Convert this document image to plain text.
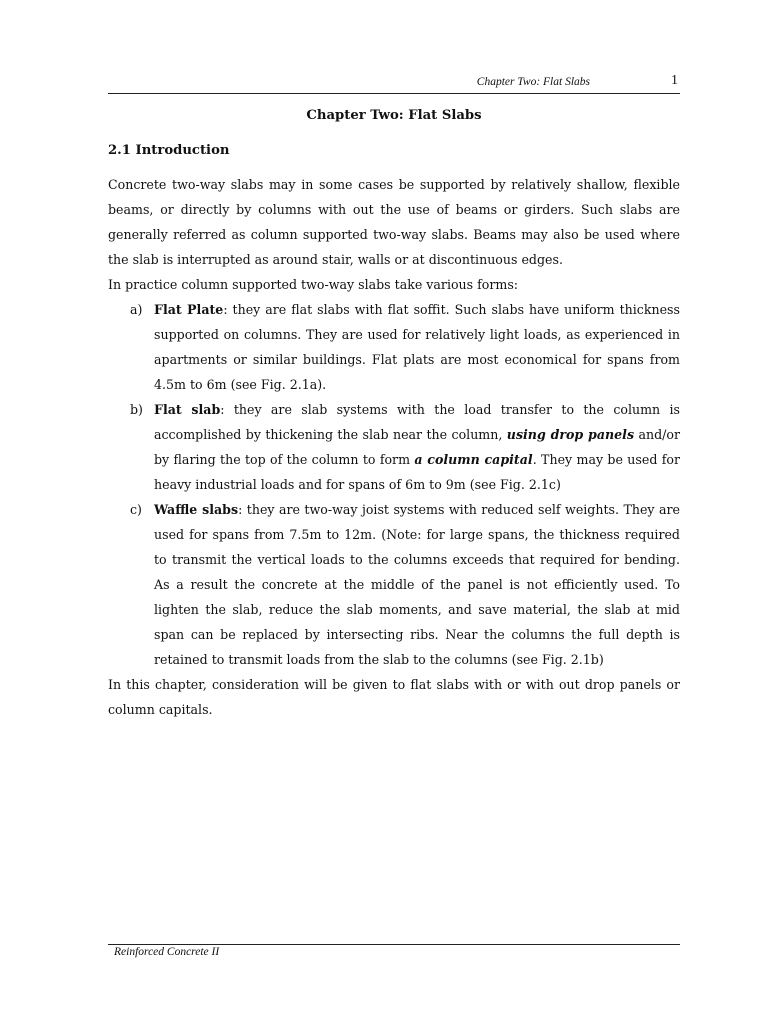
Chapter Two: Flat Slabs	1
Chapter Two: Flat Slabs
2.1 Introduction

Concrete two-way slabs may in some cases be supported by relatively shallow, flexible beams, or directly by columns with out the use of beams or girders. Such slabs are generally referred as column supported two-way slabs. Beams may also be used where the slab is interrupted as around stair, walls or at discontinuous edges.

In practice column supported two-way slabs take various forms:

a) Flat Plate: they are flat slabs with flat soffit. Such slabs have uniform thickness supported on columns. They are used for relatively light loads, as experienced in apartments or similar buildings. Flat plats are most economical for spans from 4.5m to 6m (see Fig. 2.1a).
b) Flat slab: they are slab systems with the load transfer to the column is accomplished by thickening the slab near the column, using drop panels and/or by flaring the top of the column to form a column capital. They may be used for heavy industrial loads and for spans of 6m to 9m (see Fig. 2.1c)
c) Waffle slabs: they are two-way joist systems with reduced self weights. They are used for spans from 7.5m to 12m. (Note: for large spans, the thickness required to transmit the vertical loads to the columns exceeds that required for bending. As a result the concrete at the middle of the panel is not efficiently used. To lighten the slab, reduce the slab moments, and save material, the slab at mid span can be replaced by intersecting ribs. Near the columns the full depth is retained to transmit loads from the slab to the columns (see Fig. 2.1b)

In this chapter, consideration will be given to flat slabs with or with out drop panels or column capitals.

Reinforced Concrete II
